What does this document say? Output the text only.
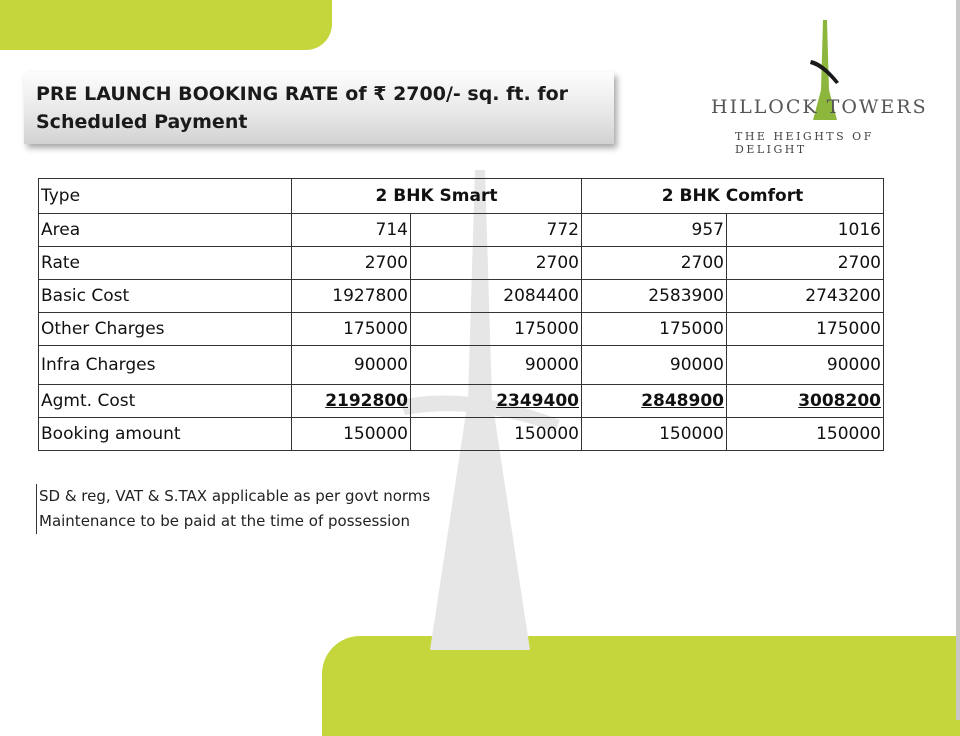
PRE LAUNCH BOOKING RATE of ₹ 2700/- sq. ft. for
Scheduled Payment
HILLOCK TOWERS
THE HEIGHTS OF DELIGHT
Type	2 BHK Smart		2 BHK Comfort	
Area	714	772	957	1016
Rate	2700	2700	2700	2700
Basic Cost	1927800	2084400	2583900	2743200
Other Charges	175000	175000	175000	175000
Infra Charges	90000	90000	90000	90000
Agmt. Cost	2192800	2349400	2848900	3008200
Booking amount	150000	150000	150000	150000
SD & reg, VAT & S.TAX applicable as per govt norms
Maintenance to be paid at the time of possession
